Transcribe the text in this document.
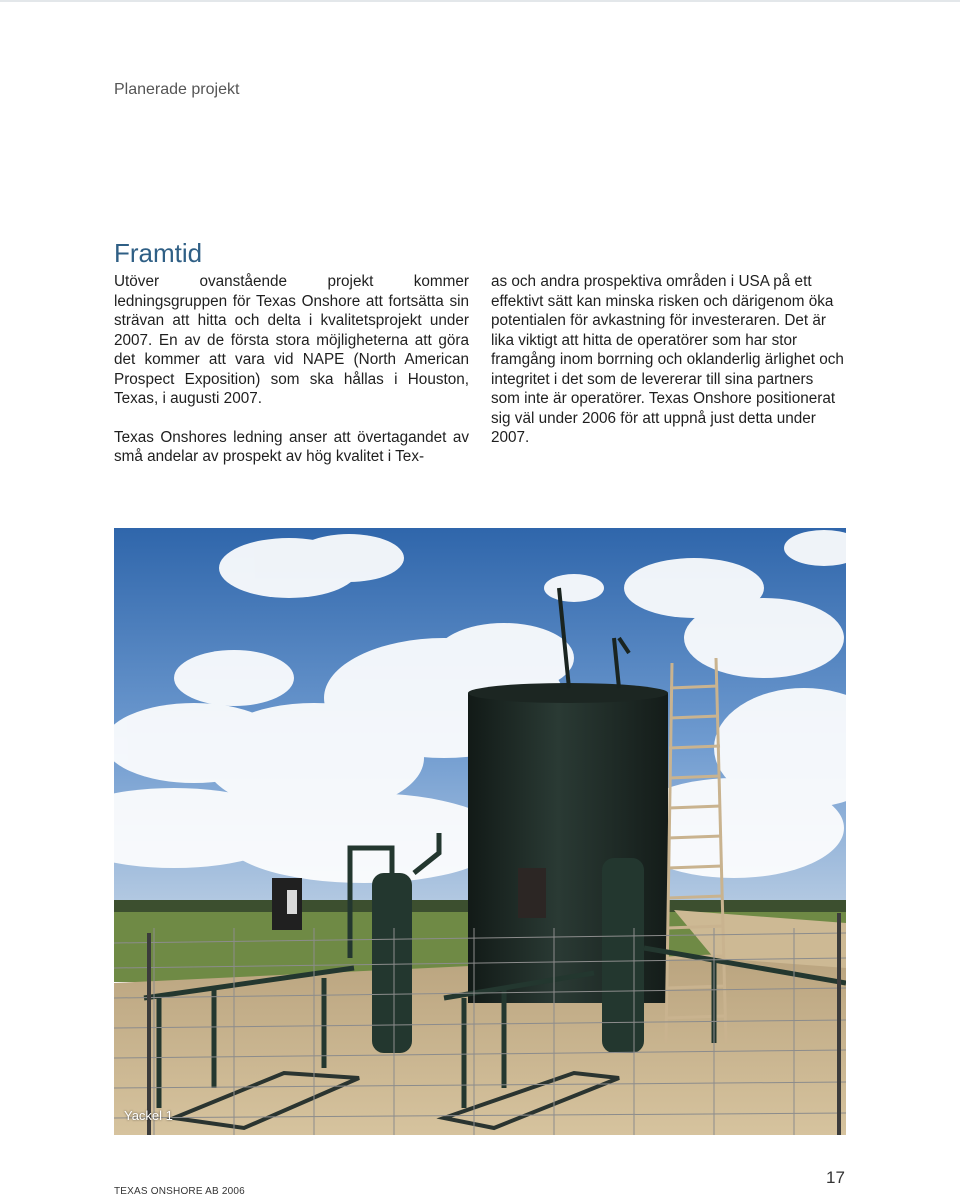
Planerade projekt
Framtid

Utöver ovanstående projekt kommer ledningsgruppen för Texas Onshore att fortsätta sin strävan att hitta och delta i kvalitetsprojekt under 2007. En av de första stora möjligheterna att göra det kommer att vara vid NAPE (North American Prospect Exposition) som ska hållas i Houston, Texas, i augusti 2007.

Texas Onshores ledning anser att övertagandet av små andelar av prospekt av hög kvalitet i Tex-

as och andra prospektiva områden i USA på ett effektivt sätt kan minska risken och därigenom öka potentialen för avkastning för investeraren. Det är lika viktigt att hitta de operatörer som har stor framgång inom borrning och oklanderlig ärlighet och integritet i det som de levererar till sina partners som inte är operatörer. Texas Onshore positionerat sig väl under 2006 för att uppnå just detta under 2007.

Yackel 1
TEXAS ONSHORE AB 2006
17
